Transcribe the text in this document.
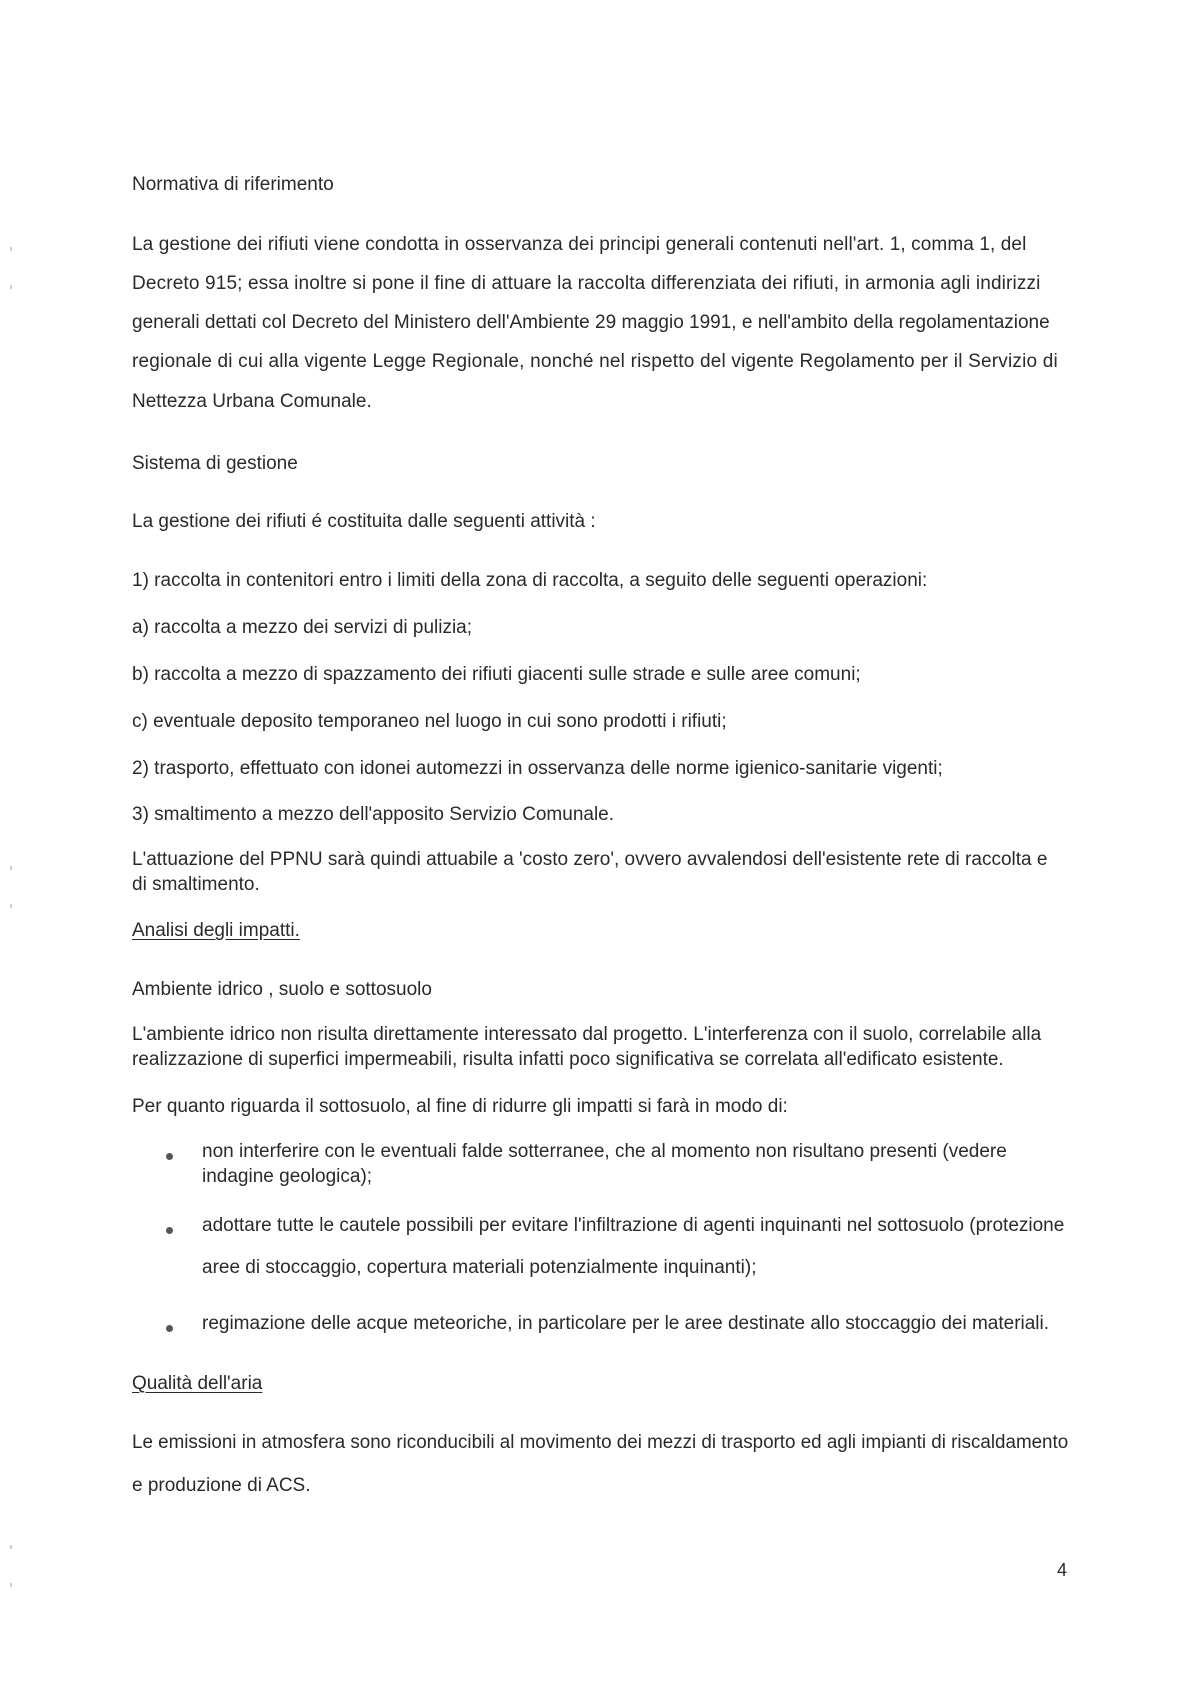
Normativa di riferimento

La gestione dei rifiuti viene condotta in osservanza dei principi generali contenuti nell'art. 1, comma 1, del

Decreto 915; essa inoltre si pone il fine di attuare la raccolta differenziata dei rifiuti, in armonia agli indirizzi

generali dettati col Decreto del Ministero dell'Ambiente 29 maggio 1991, e nell'ambito della regolamentazione

regionale di cui alla vigente Legge Regionale, nonché nel rispetto del vigente Regolamento per il Servizio di

Nettezza Urbana Comunale.

Sistema di gestione

La gestione dei rifiuti é costituita dalle seguenti attività :

1) raccolta in contenitori entro i limiti della zona di raccolta, a seguito delle seguenti operazioni:

a) raccolta a mezzo dei servizi di pulizia;

b) raccolta a mezzo di spazzamento dei rifiuti giacenti sulle strade e sulle aree comuni;

c) eventuale deposito temporaneo nel luogo in cui sono prodotti i rifiuti;

2) trasporto, effettuato con idonei automezzi in osservanza delle norme igienico-sanitarie vigenti;

3) smaltimento a mezzo dell'apposito Servizio Comunale.

L'attuazione del PPNU sarà quindi attuabile a 'costo zero', ovvero avvalendosi dell'esistente rete di raccolta e

di smaltimento.

Analisi degli impatti.

Ambiente idrico , suolo e sottosuolo

L'ambiente idrico non risulta direttamente interessato dal progetto. L'interferenza con il suolo, correlabile alla

realizzazione di superfici impermeabili, risulta infatti poco significativa se correlata all'edificato esistente.

Per quanto riguarda il sottosuolo, al fine di ridurre gli impatti si farà in modo di:

non interferire con le eventuali falde sotterranee, che al momento non risultano presenti (vedere

indagine geologica);

adottare tutte le cautele possibili per evitare l'infiltrazione di agenti inquinanti nel sottosuolo (protezione

aree di stoccaggio, copertura materiali potenzialmente inquinanti);

regimazione delle acque meteoriche, in particolare per le aree destinate allo stoccaggio dei materiali.

Qualità dell'aria

Le emissioni in atmosfera sono riconducibili al movimento dei mezzi di trasporto ed agli impianti di riscaldamento

e produzione di ACS.

4
